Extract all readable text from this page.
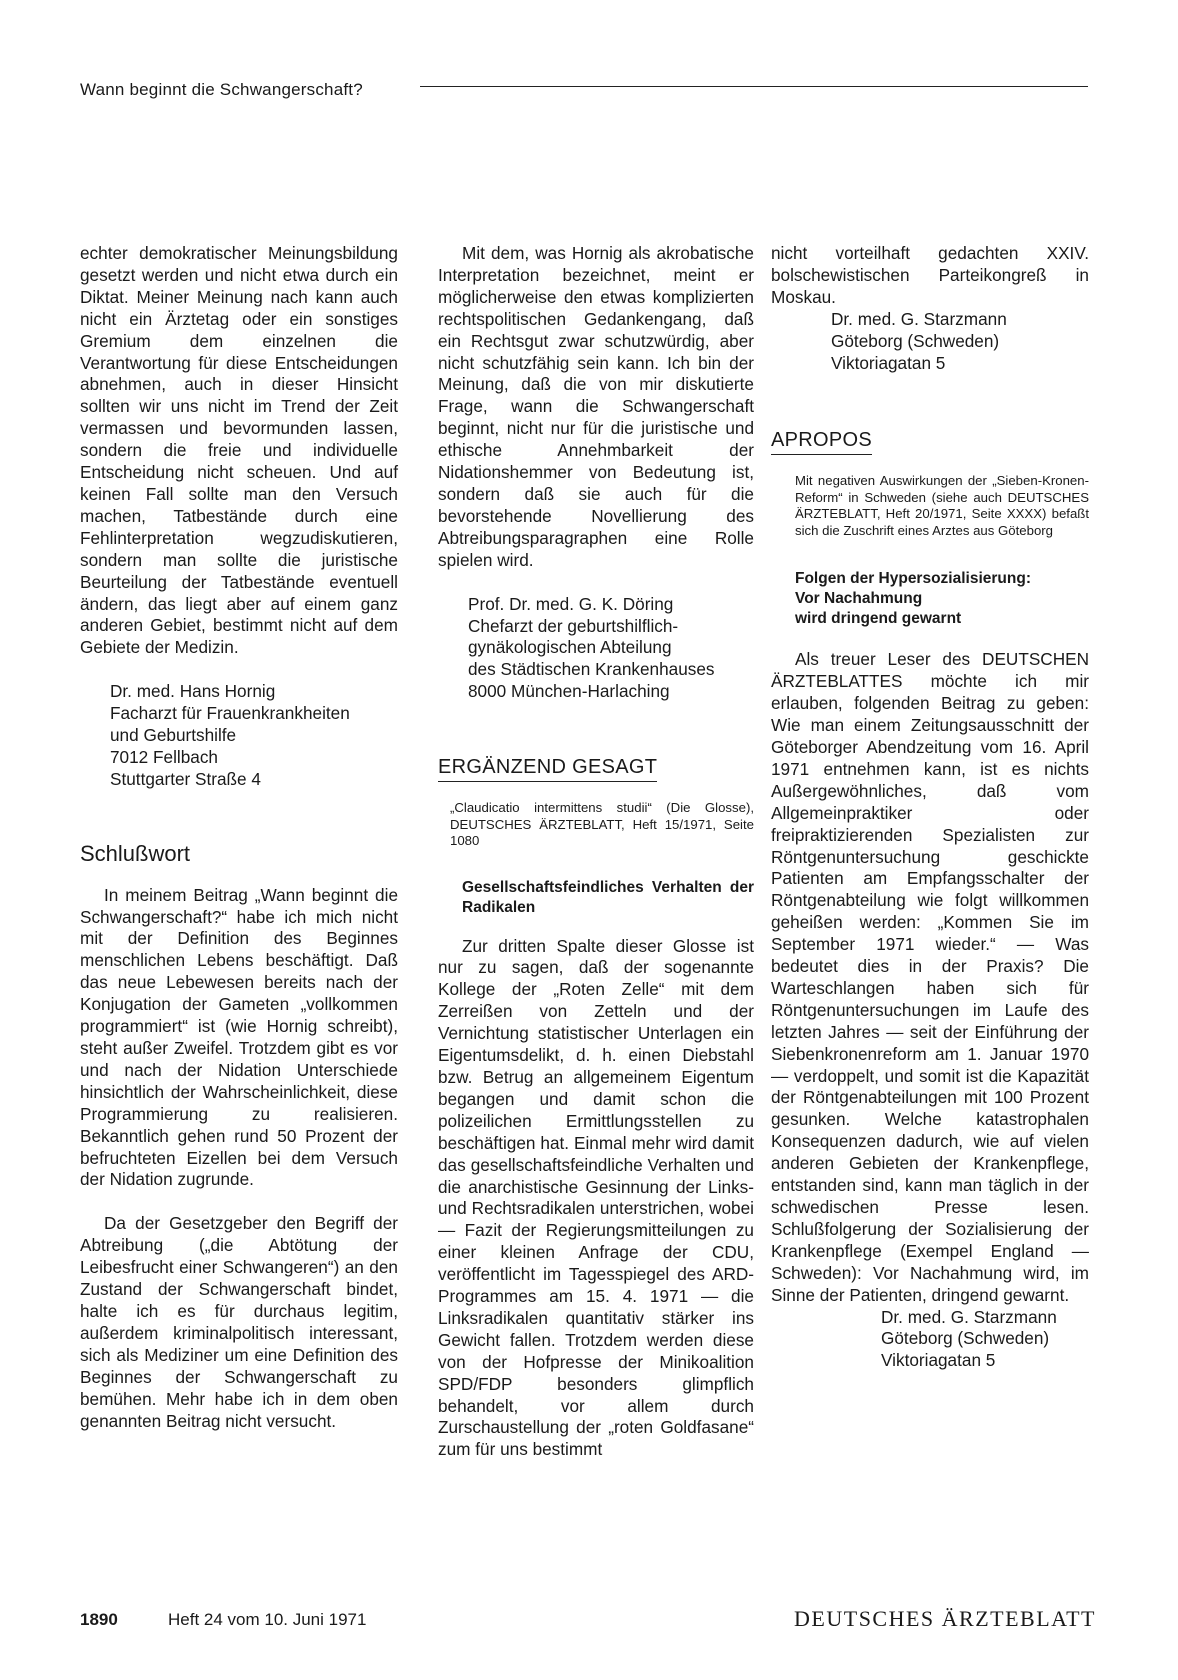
Wann beginnt die Schwangerschaft?

echter demokratischer Meinungsbildung gesetzt werden und nicht etwa durch ein Diktat. Meiner Meinung nach kann auch nicht ein Ärztetag oder ein sonstiges Gremium dem einzelnen die Verantwortung für diese Entscheidungen abnehmen, auch in dieser Hinsicht sollten wir uns nicht im Trend der Zeit vermassen und bevormunden lassen, sondern die freie und individuelle Entscheidung nicht scheuen. Und auf keinen Fall sollte man den Versuch machen, Tatbestände durch eine Fehlinterpretation wegzudiskutieren, sondern man sollte die juristische Beurteilung der Tatbestände eventuell ändern, das liegt aber auf einem ganz anderen Gebiet, bestimmt nicht auf dem Gebiete der Medizin.

Dr. med. Hans Hornig
Facharzt für Frauenkrankheiten
und Geburtshilfe
7012 Fellbach
Stuttgarter Straße 4

Schlußwort

In meinem Beitrag „Wann beginnt die Schwangerschaft?“ habe ich mich nicht mit der Definition des Beginnes menschlichen Lebens beschäftigt. Daß das neue Lebewesen bereits nach der Konjugation der Gameten „vollkommen programmiert“ ist (wie Hornig schreibt), steht außer Zweifel. Trotzdem gibt es vor und nach der Nidation Unterschiede hinsichtlich der Wahrscheinlichkeit, diese Programmierung zu realisieren. Bekanntlich gehen rund 50 Prozent der befruchteten Eizellen bei dem Versuch der Nidation zugrunde.

Da der Gesetzgeber den Begriff der Abtreibung („die Abtötung der Leibesfrucht einer Schwangeren“) an den Zustand der Schwangerschaft bindet, halte ich es für durchaus legitim, außerdem kriminalpolitisch interessant, sich als Mediziner um eine Definition des Beginnes der Schwangerschaft zu bemühen. Mehr habe ich in dem oben genannten Beitrag nicht versucht.

Mit dem, was Hornig als akrobatische Interpretation bezeichnet, meint er möglicherweise den etwas komplizierten rechtspolitischen Gedankengang, daß ein Rechtsgut zwar schutzwürdig, aber nicht schutzfähig sein kann. Ich bin der Meinung, daß die von mir diskutierte Frage, wann die Schwangerschaft beginnt, nicht nur für die juristische und ethische Annehmbarkeit der Nidationshemmer von Bedeutung ist, sondern daß sie auch für die bevorstehende Novellierung des Abtreibungsparagraphen eine Rolle spielen wird.

Prof. Dr. med. G. K. Döring
Chefarzt der geburtshilflich-
gynäkologischen Abteilung
des Städtischen Krankenhauses
8000 München-Harlaching

ERGÄNZEND GESAGT

„Claudicatio intermittens studii“ (Die Glosse), DEUTSCHES ÄRZTEBLATT, Heft 15/1971, Seite 1080

Gesellschaftsfeindliches Verhalten der Radikalen

Zur dritten Spalte dieser Glosse ist nur zu sagen, daß der sogenannte Kollege der „Roten Zelle“ mit dem Zerreißen von Zetteln und der Vernichtung statistischer Unterlagen ein Eigentumsdelikt, d. h. einen Diebstahl bzw. Betrug an allgemeinem Eigentum begangen und damit schon die polizeilichen Ermittlungsstellen zu beschäftigen hat. Einmal mehr wird damit das gesellschaftsfeindliche Verhalten und die anarchistische Gesinnung der Links- und Rechtsradikalen unterstrichen, wobei — Fazit der Regierungsmitteilungen zu einer kleinen Anfrage der CDU, veröffentlicht im Tagesspiegel des ARD-Programmes am 15. 4. 1971 — die Linksradikalen quantitativ stärker ins Gewicht fallen. Trotzdem werden diese von der Hofpresse der Minikoalition SPD/FDP besonders glimpflich behandelt, vor allem durch Zurschaustellung der „roten Goldfasane“ zum für uns bestimmt

nicht vorteilhaft gedachten XXIV. bolschewistischen Parteikongreß in Moskau.

Dr. med. G. Starzmann
Göteborg (Schweden)
Viktoriagatan 5

APROPOS

Mit negativen Auswirkungen der „Sieben-Kronen-Reform“ in Schweden (siehe auch DEUTSCHES ÄRZTEBLATT, Heft 20/1971, Seite XXXX) befaßt sich die Zuschrift eines Arztes aus Göteborg

Folgen der Hypersozialisierung:
Vor Nachahmung
wird dringend gewarnt

Als treuer Leser des DEUTSCHEN ÄRZTEBLATTES möchte ich mir erlauben, folgenden Beitrag zu geben: Wie man einem Zeitungsausschnitt der Göteborger Abendzeitung vom 16. April 1971 entnehmen kann, ist es nichts Außergewöhnliches, daß vom Allgemeinpraktiker oder freipraktizierenden Spezialisten zur Röntgenuntersuchung geschickte Patienten am Empfangsschalter der Röntgenabteilung wie folgt willkommen geheißen werden: „Kommen Sie im September 1971 wieder.“ — Was bedeutet dies in der Praxis? Die Warteschlangen haben sich für Röntgenuntersuchungen im Laufe des letzten Jahres — seit der Einführung der Siebenkronenreform am 1. Januar 1970 — verdoppelt, und somit ist die Kapazität der Röntgenabteilungen mit 100 Prozent gesunken. Welche katastrophalen Konsequenzen dadurch, wie auf vielen anderen Gebieten der Krankenpflege, entstanden sind, kann man täglich in der schwedischen Presse lesen. Schlußfolgerung der Sozialisierung der Krankenpflege (Exempel England — Schweden): Vor Nachahmung wird, im Sinne der Patienten, dringend gewarnt.

Dr. med. G. Starzmann
Göteborg (Schweden)
Viktoriagatan 5

1890	Heft 24 vom 10. Juni 1971	DEUTSCHES ÄRZTEBLATT
